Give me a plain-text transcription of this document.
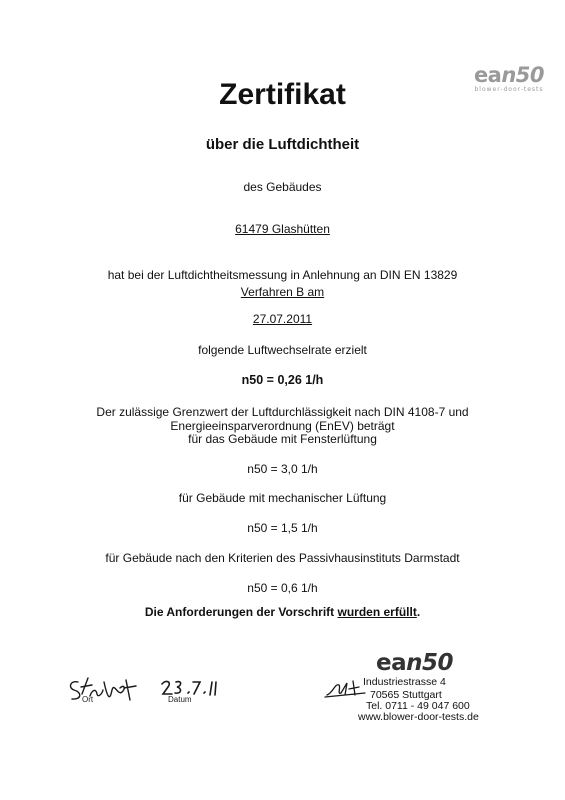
ean50
blower-door-tests
Zertifikat
über die Luftdichtheit
des Gebäudes
61479 Glashütten
hat bei der Luftdichtheitsmessung in Anlehnung an DIN EN 13829
Verfahren B am
27.07.2011
folgende Luftwechselrate erzielt
n50 = 0,26 1/h
Der zulässige Grenzwert der Luftdurchlässigkeit nach DIN 4108-7 und
Energieeinsparverordnung (EnEV) beträgt
für das Gebäude mit Fensterlüftung
n50 = 3,0 1/h
für Gebäude mit mechanischer Lüftung
n50 = 1,5 1/h
für Gebäude nach den Kriterien des Passivhausinstituts Darmstadt
n50 = 0,6 1/h
Die Anforderungen der Vorschrift wurden erfüllt.
Ort	Datum
ean50
Industriestrasse 4
70565 Stuttgart
Tel. 0711 - 49 047 600
www.blower-door-tests.de
